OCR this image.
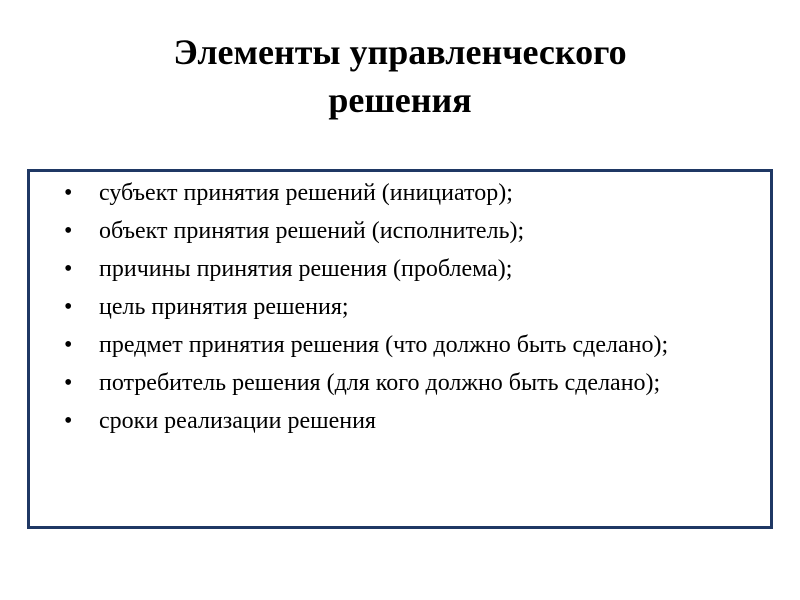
Элементы управленческого
решения
• субъект принятия решений (инициатор);
• объект принятия решений (исполнитель);
• причины принятия решения (проблема);
• цель принятия решения;
• предмет принятия решения (что должно быть сделано);
• потребитель решения (для кого должно быть сделано);
• сроки реализации решения
